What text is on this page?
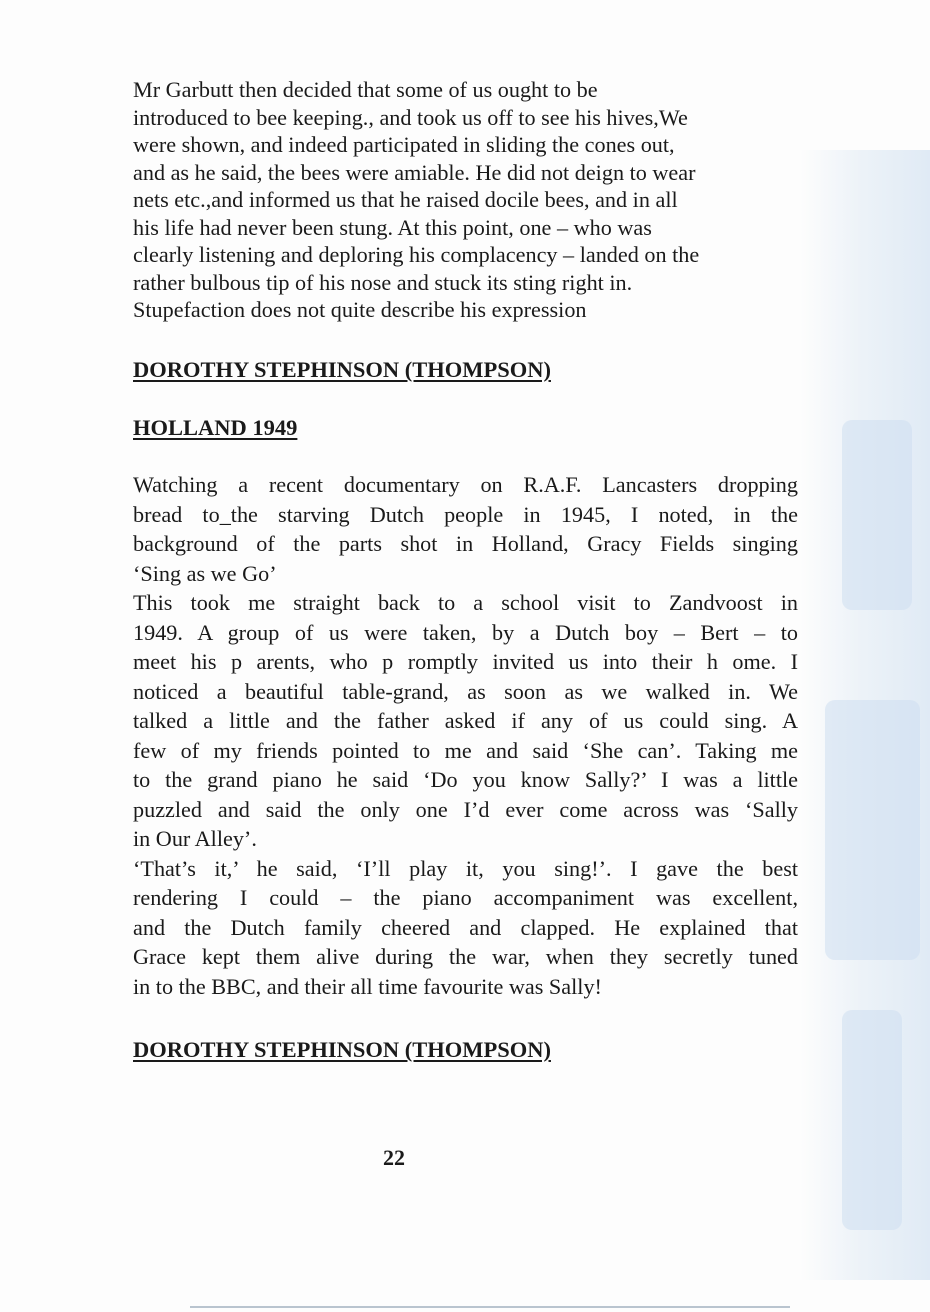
Mr Garbutt then decided that some of us ought to be
introduced to bee keeping., and took us off to see his hives,We
were shown, and indeed participated in sliding the cones out,
and as he said, the bees were amiable. He did not deign to wear
nets etc.,and informed us that he raised docile bees, and in all
his life had never been stung. At this point, one – who was
clearly listening and deploring his complacency – landed on the
rather bulbous tip of his nose and stuck its sting right in.
Stupefaction does not quite describe his expression
DOROTHY STEPHINSON (THOMPSON)
HOLLAND 1949
Watching a recent documentary on R.A.F. Lancasters dropping
bread to_the starving Dutch people in 1945, I noted, in the
background of the parts shot in Holland, Gracy Fields singing
‘Sing as we Go’
This took me straight back to a school visit to Zandvoost in
1949. A group of us were taken, by a Dutch boy – Bert – to
meet his p arents, who p romptly invited us into their h ome. I
noticed a beautiful table-grand, as soon as we walked in. We
talked a little and the father asked if any of us could sing. A
few of my friends pointed to me and said ‘She can’. Taking me
to the grand piano he said ‘Do you know Sally?’ I was a little
puzzled and said the only one I’d ever come across was ‘Sally
in Our Alley’.
‘That’s it,’ he said, ‘I’ll play it, you sing!’. I gave the best
rendering I could – the piano accompaniment was excellent,
and the Dutch family cheered and clapped. He explained that
Grace kept them alive during the war, when they secretly tuned
in to the BBC, and their all time favourite was Sally!
DOROTHY STEPHINSON (THOMPSON)
22
